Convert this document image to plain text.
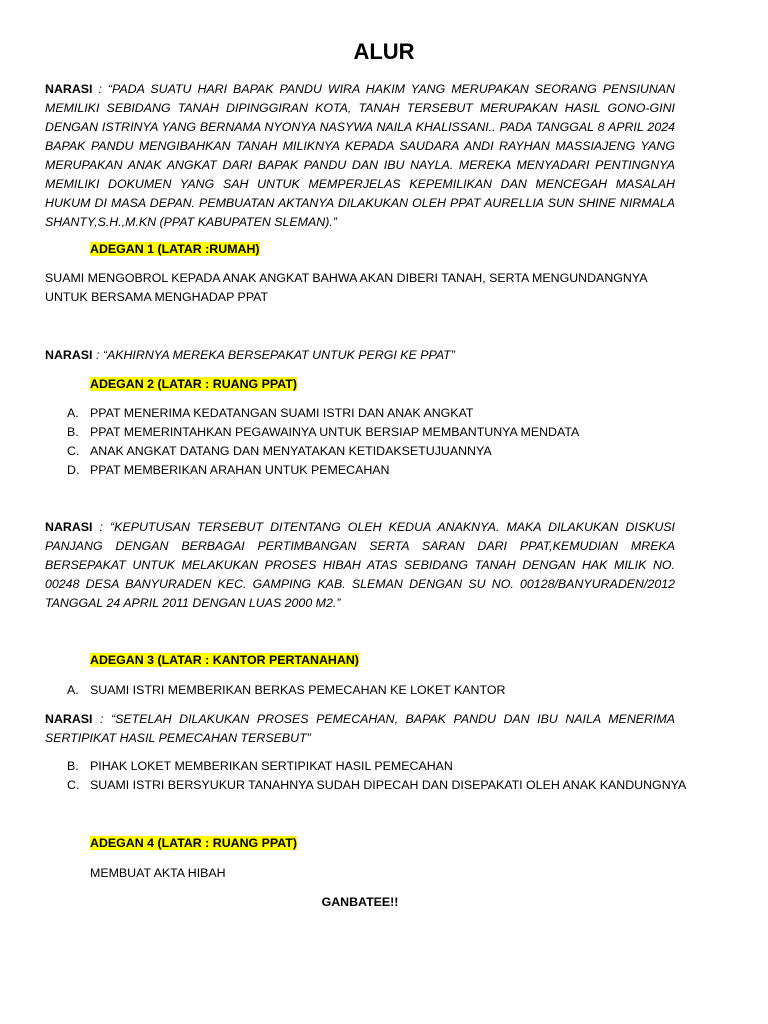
ALUR

NARASI : “PADA SUATU HARI BAPAK PANDU WIRA HAKIM YANG MERUPAKAN SEORANG PENSIUNAN MEMILIKI SEBIDANG TANAH DIPINGGIRAN KOTA, TANAH TERSEBUT MERUPAKAN HASIL GONO-GINI DENGAN ISTRINYA YANG BERNAMA NYONYA NASYWA NAILA KHALISSANI.. PADA TANGGAL 8 APRIL 2024 BAPAK PANDU MENGIBAHKAN TANAH MILIKNYA KEPADA SAUDARA ANDI RAYHAN MASSIAJENG YANG MERUPAKAN ANAK ANGKAT DARI BAPAK PANDU DAN IBU NAYLA. MEREKA MENYADARI PENTINGNYA MEMILIKI DOKUMEN YANG SAH UNTUK MEMPERJELAS KEPEMILIKAN DAN MENCEGAH MASALAH HUKUM DI MASA DEPAN. PEMBUATAN AKTANYA DILAKUKAN OLEH PPAT AURELLIA SUN SHINE NIRMALA SHANTY,S.H.,M.KN (PPAT KABUPATEN SLEMAN).”

ADEGAN 1 (LATAR :RUMAH)

SUAMI MENGOBROL KEPADA ANAK ANGKAT BAHWA AKAN DIBERI TANAH, SERTA MENGUNDANGNYA UNTUK BERSAMA MENGHADAP PPAT

NARASI : “AKHIRNYA MEREKA BERSEPAKAT UNTUK PERGI KE PPAT”

ADEGAN 2 (LATAR : RUANG PPAT)

A. PPAT MENERIMA KEDATANGAN SUAMI ISTRI DAN ANAK ANGKAT
B. PPAT MEMERINTAHKAN PEGAWAINYA UNTUK BERSIAP MEMBANTUNYA MENDATA
C. ANAK ANGKAT DATANG DAN MENYATAKAN KETIDAKSETUJUANNYA
D. PPAT MEMBERIKAN ARAHAN UNTUK PEMECAHAN

NARASI : “KEPUTUSAN TERSEBUT DITENTANG OLEH KEDUA ANAKNYA. MAKA DILAKUKAN DISKUSI PANJANG DENGAN BERBAGAI PERTIMBANGAN SERTA SARAN DARI PPAT,KEMUDIAN MREKA BERSEPAKAT UNTUK MELAKUKAN PROSES HIBAH ATAS SEBIDANG TANAH DENGAN HAK MILIK NO. 00248 DESA BANYURADEN KEC. GAMPING KAB. SLEMAN DENGAN SU NO. 00128/BANYURADEN/2012 TANGGAL 24 APRIL 2011 DENGAN LUAS 2000 M2.”

ADEGAN 3 (LATAR : KANTOR PERTANAHAN)

A. SUAMI ISTRI MEMBERIKAN BERKAS PEMECAHAN KE LOKET KANTOR

NARASI : “SETELAH DILAKUKAN PROSES PEMECAHAN, BAPAK PANDU DAN IBU NAILA MENERIMA SERTIPIKAT HASIL PEMECAHAN TERSEBUT”

B. PIHAK LOKET MEMBERIKAN SERTIPIKAT HASIL PEMECAHAN
C. SUAMI ISTRI BERSYUKUR TANAHNYA SUDAH DIPECAH DAN DISEPAKATI OLEH ANAK KANDUNGNYA

ADEGAN 4 (LATAR : RUANG PPAT)

MEMBUAT AKTA HIBAH

GANBATEE!!
